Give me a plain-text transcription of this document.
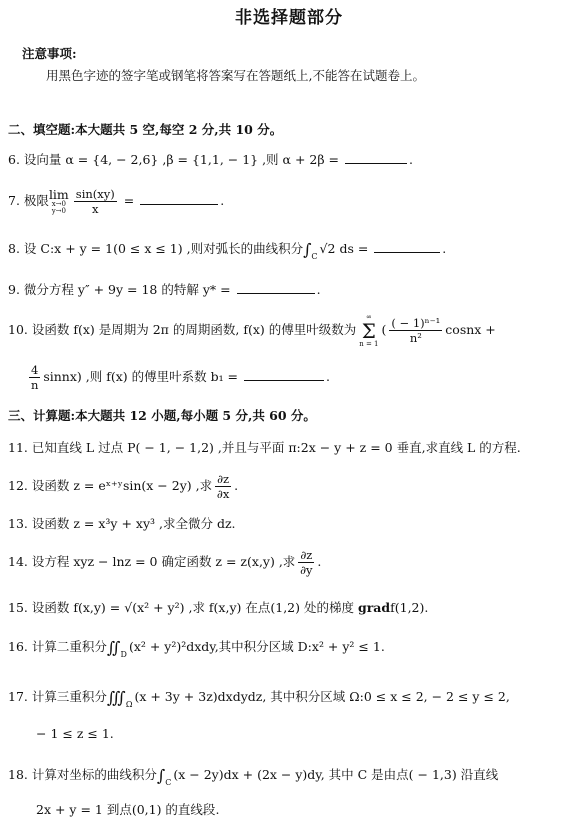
非选择题部分
注意事项:
用黑色字迹的签字笔或钢笔将答案写在答题纸上,不能答在试题卷上。
二、填空题:本大题共 5 空,每空 2 分,共 10 分。
6. 设向量 α = {4, − 2,6} ,β = {1,1, − 1} ,则 α + 2β =	.
7. 极限 lim
x→0
$y\to 0 \frac{\sin(xy)}{x}$ =	.
8. 设 C:x + y = 1(0 ≤ x ≤ 1) ,则对弧长的曲线积分$\int_C√2$ ds =	.
9. 微分方程 y″ + 9y = 18 的特解 y* =	.
10. 设函数 f(x) 是周期为 2π 的周期函数, f(x) 的傅里叶级数为
∞
Σ
n = 1
( $\frac{\text{( − 1)ⁿ⁻¹}}{\text{n²}}$ cosnx +
$\frac{4}{n}$ sinnx) ,则 f(x) 的傅里叶系数 b₁ =	.
三、计算题:本大题共 12 小题,每小题 5 分,共 60 分。
11. 已知直线 L 过点 P( − 1, − 1,2) ,并且与平面 π:2x − y + z = 0 垂直,求直线 L 的方程.
12. 设函数 z = eˣ⁺ʸsin(x − 2y) ,求 $\frac{\partial z}{\partial x}$ .
13. 设函数 z = x³y + xy³ ,求全微分 dz.
14. 设方程 xyz − lnz = 0 确定函数 z = z(x,y) ,求 $\frac{\partial z}{\partial y}$ .
15. 设函数 f(x,y) = √(x² + y²) ,求 f(x,y) 在点(1,2) 处的梯度 gradf(1,2).
16. 计算二重积分$∬_D(x^2$ + y²)²dxdy,其中积分区域 D:x² + y² ≤ 1.
17. 计算三重积分$∭_\Omega(x + 3y$ + 3z)dxdydz, 其中积分区域 Ω:0 ≤ x ≤ 2, − 2 ≤ y ≤ 2,
− 1 ≤ z ≤ 1.
18. 计算对坐标的曲线积分$\int_C(x - 2y)dx + (2x - y)dy$, 其中 C 是由点( − 1,3) 沿直线
2x + y = 1 到点(0,1) 的直线段.
